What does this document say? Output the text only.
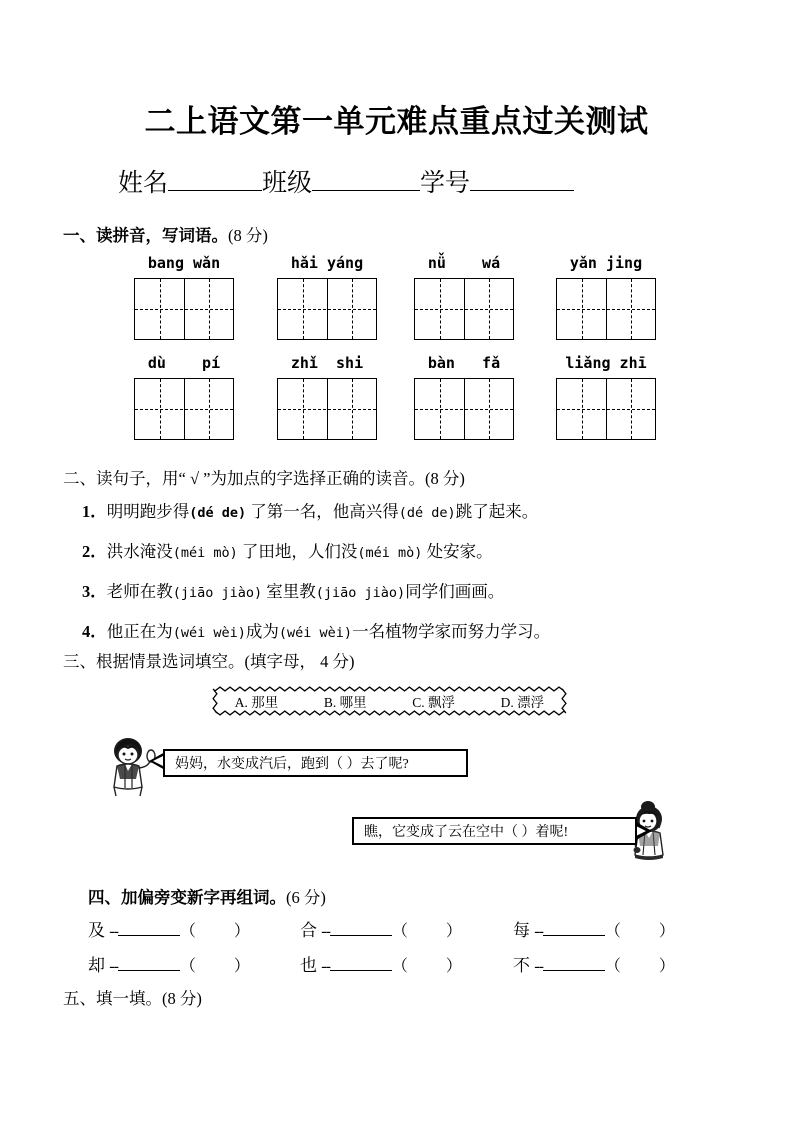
二上语文第一单元难点重点过关测试
姓名	班级	学号
一、读拼音，写词语。(8 分)
bang wǎn	hǎi yáng	nǚ    wá	yǎn jing
dù    pí	zhǐ  shi	bàn   fǎ	liǎng zhī
二、读句子，用“ √ ”为加点的字选择正确的读音。(8 分)
1．明明跑步得(dé de) 了第一名，他高兴得(dé de)跳了起来。
2．洪水淹没(méi mò) 了田地，人们没(méi mò) 处安家。
3．老师在教(jiāo jiào) 室里教(jiāo jiào)同学们画画。
4．他正在为(wéi wèi)成为(wéi wèi)一名植物学家而努力学习。
三、根据情景选词填空。(填字母， 4 分)
A. 那里	B. 哪里	C. 飘浮	D. 漂浮
妈妈，水变成汽后，跑到（ ）去了呢?
瞧，它变成了云在空中（ ）着呢!
四、加偏旁变新字再组词。(6 分)
及 --	（  ） 合 --	（  ） 每 --	（  ）
却 --	（  ） 也 --	（  ） 不 --	（  ）
五、填一填。(8 分)
